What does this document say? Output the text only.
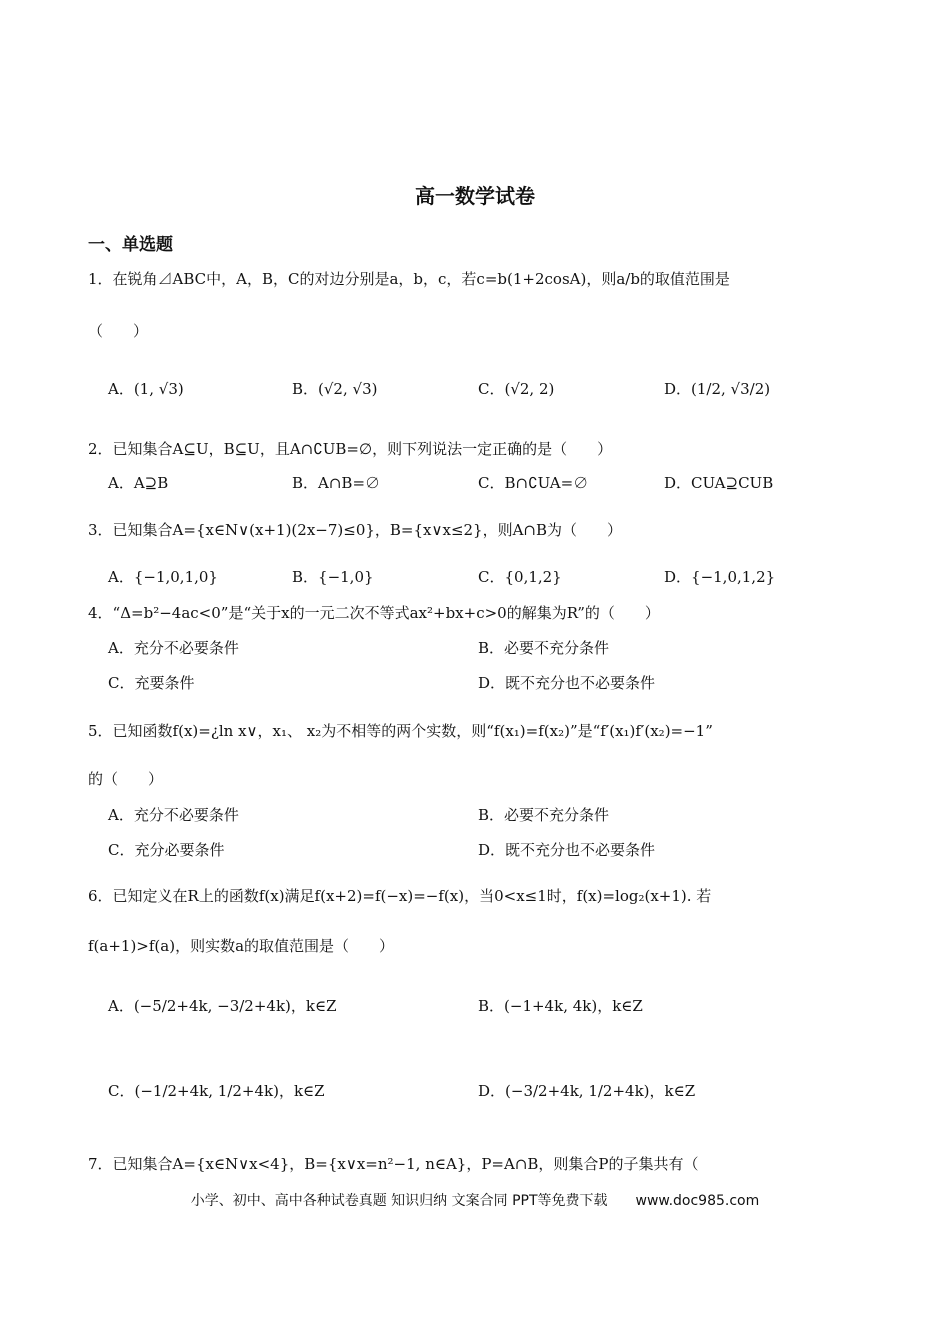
高一数学试卷
一、单选题
1．在锐角⊿ABC中，A，B，C的对边分别是a，b，c，若c=b(1+2cosA)，则a/b的取值范围是
（　　）
A．(1, √3)	B．(√2, √3)	C．(√2, 2)	D．(1/2, √3/2)
2．已知集合A⊆U，B⊆U，且A∩∁UB=∅，则下列说法一定正确的是（　　）
A．A⊇B	B．A∩B=∅	C．B∩∁UA=∅	D．CUA⊇CUB
3．已知集合A={x∈N∨(x+1)(2x−7)≤0}，B={x∨x≤2}，则A∩B为（　　）
A．{−1,0,1,0}	B．{−1,0}	C．{0,1,2}	D．{−1,0,1,2}
4．“Δ=b²−4ac<0”是“关于x的一元二次不等式ax²+bx+c>0的解集为R”的（　　）
A．充分不必要条件	B．必要不充分条件
C．充要条件	D．既不充分也不必要条件
5．已知函数f(x)=¿ln x∨，x₁、 x₂为不相等的两个实数，则“f(x₁)=f(x₂)”是“f′(x₁)f′(x₂)=−1”
的（　　）
A．充分不必要条件	B．必要不充分条件
C．充分必要条件	D．既不充分也不必要条件
6．已知定义在R上的函数f(x)满足f(x+2)=f(−x)=−f(x)，当0<x≤1时，f(x)=log₂(x+1). 若
f(a+1)>f(a)，则实数a的取值范围是（　　）
A．(−5/2+4k, −3/2+4k)，k∈Z	B．(−1+4k, 4k)，k∈Z
C．(−1/2+4k, 1/2+4k)，k∈Z	D．(−3/2+4k, 1/2+4k)，k∈Z
7．已知集合A={x∈N∨x<4}，B={x∨x=n²−1, n∈A}，P=A∩B，则集合P的子集共有（
小学、初中、高中各种试卷真题 知识归纳 文案合同 PPT等免费下载　　www.doc985.com
